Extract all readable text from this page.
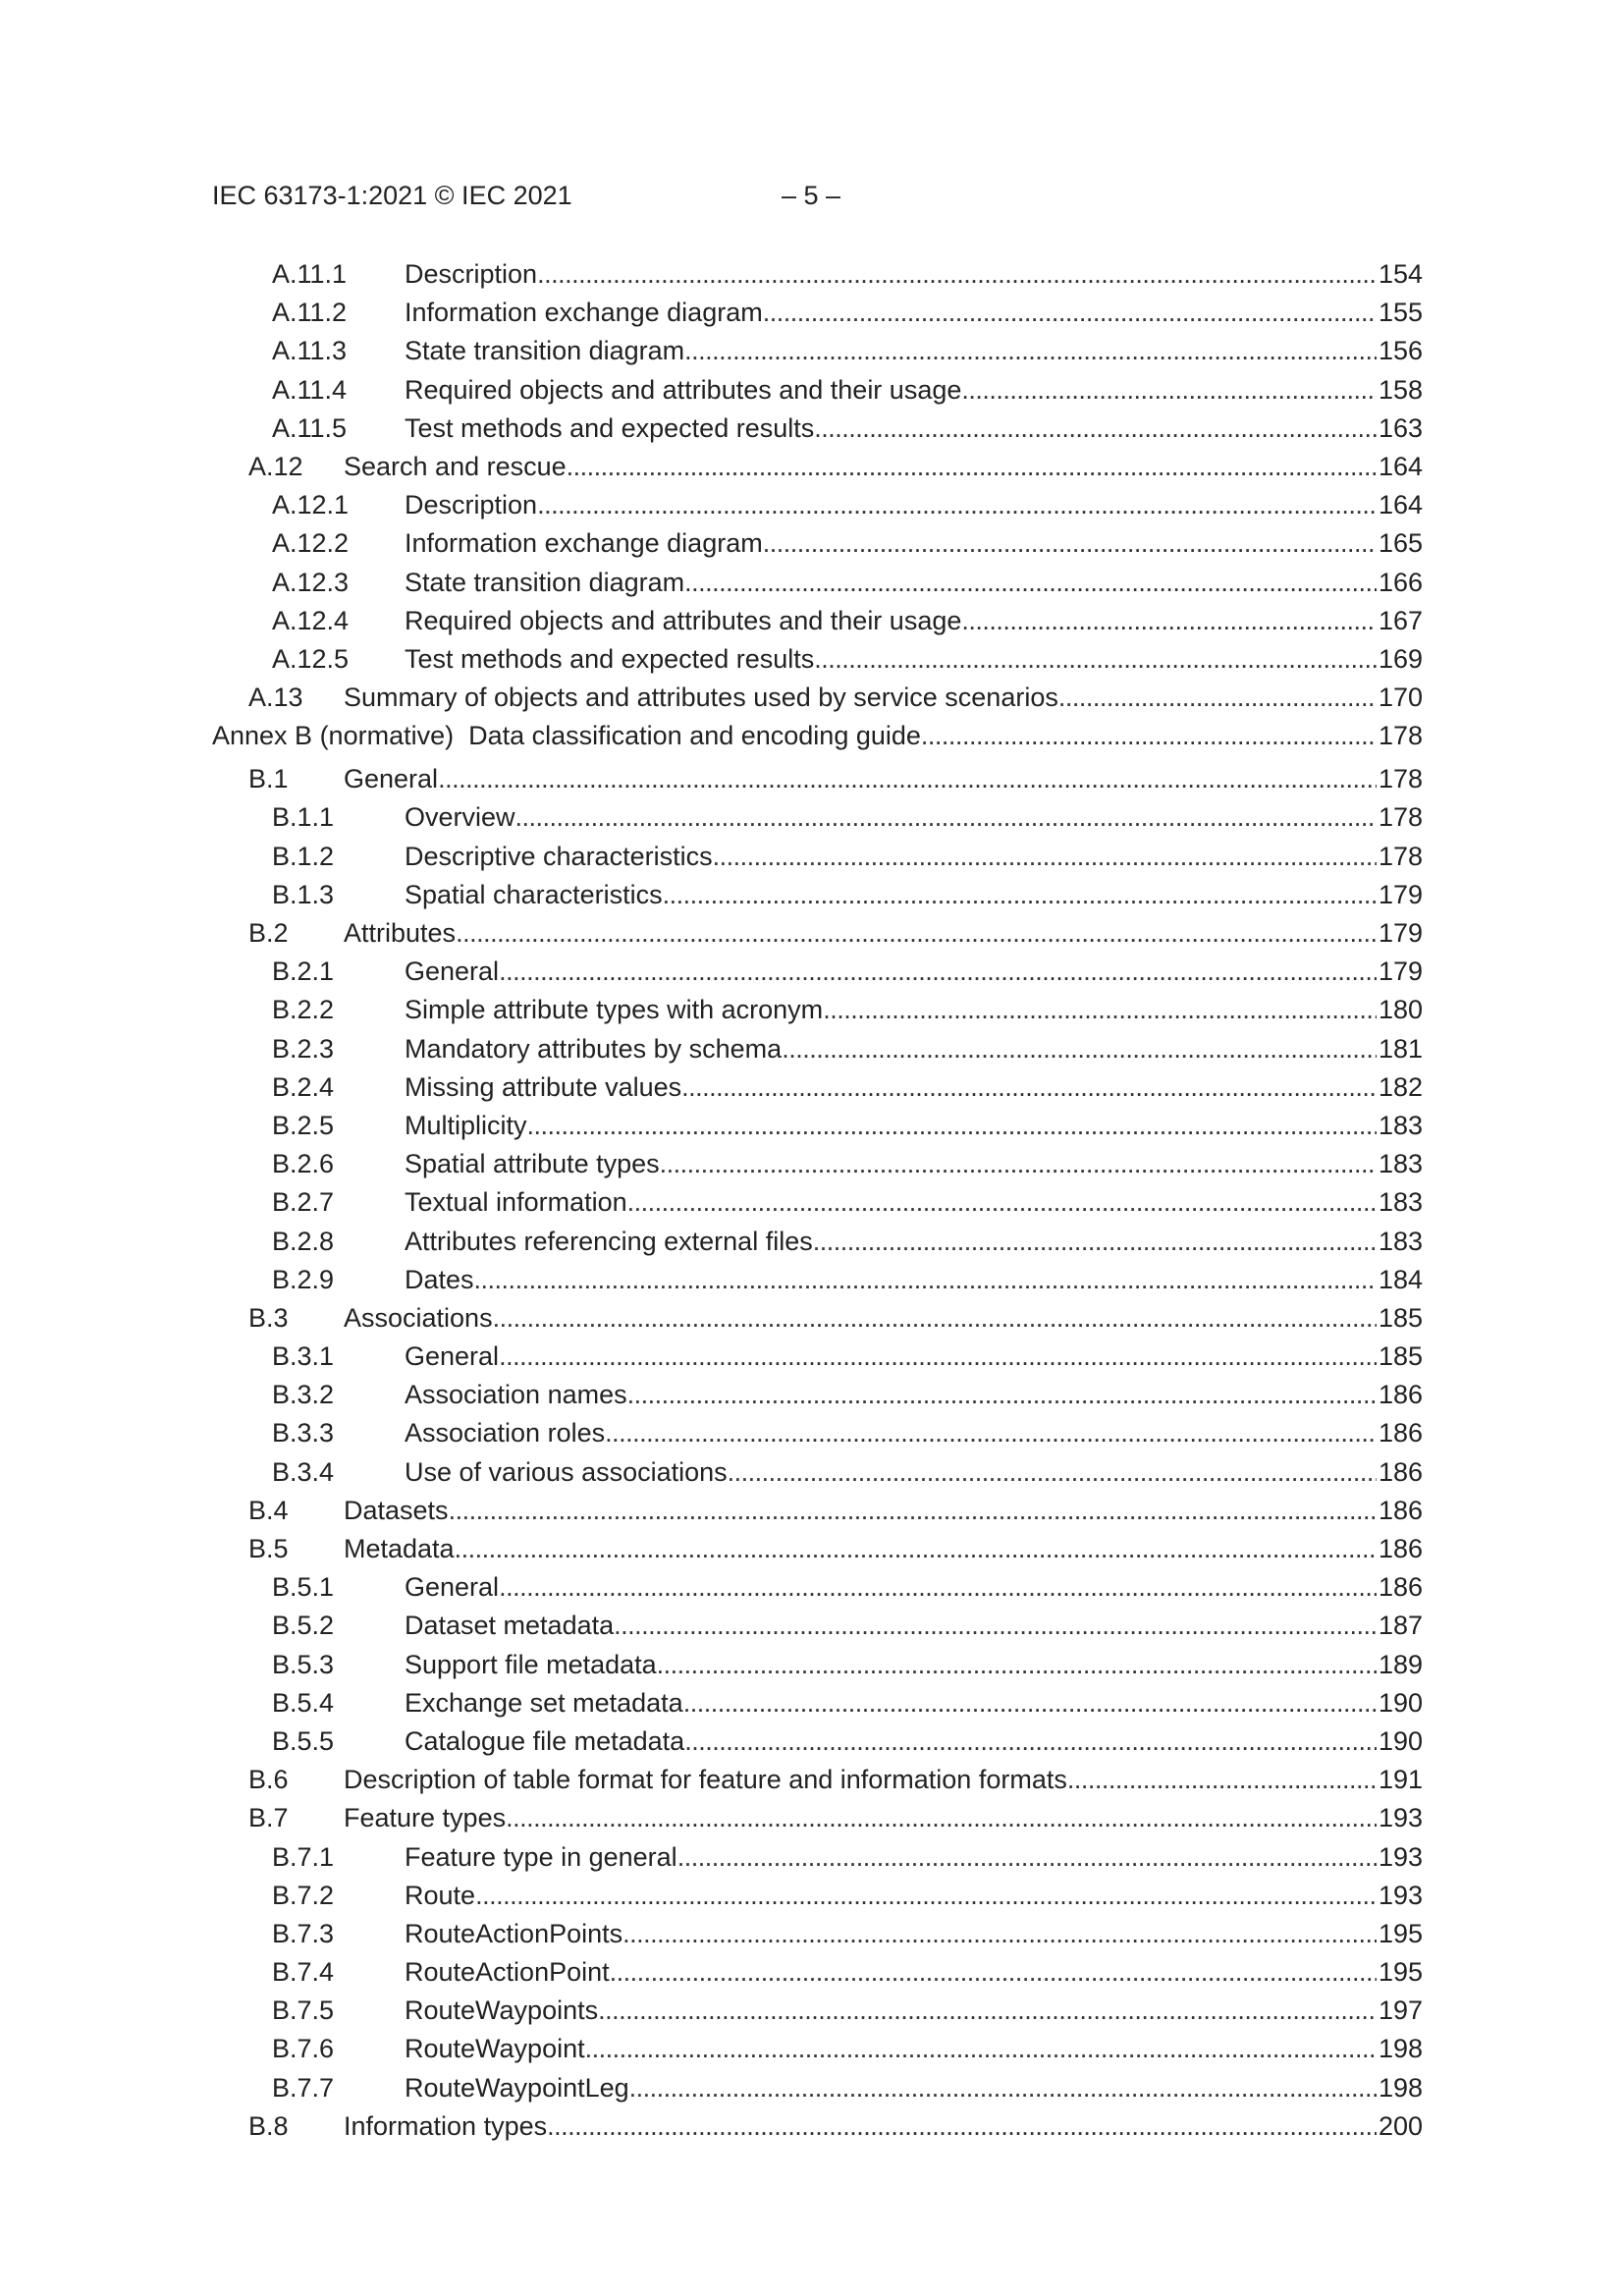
IEC 63173-1:2021 © IEC 2021	– 5 –
A.11.1 Description . . .	154
A.11.2 Information exchange diagram . . .	155
A.11.3 State transition diagram . . .	156
A.11.4 Required objects and attributes and their usage . . .	158
A.11.5 Test methods and expected results . . .	163
A.12 Search and rescue . . .	164
A.12.1 Description . . .	164
A.12.2 Information exchange diagram . . .	165
A.12.3 State transition diagram . . .	166
A.12.4 Required objects and attributes and their usage . . .	167
A.12.5 Test methods and expected results . . .	169
A.13 Summary of objects and attributes used by service scenarios . . .	170
Annex B (normative)  Data classification and encoding guide . . .	178
B.1 General . . .	178
B.1.1	Overview . . .	178
B.1.2	Descriptive characteristics . . .	178
B.1.3	Spatial characteristics . . .	179
B.2 Attributes . . .	179
B.2.1	General . . .	179
B.2.2	Simple attribute types with acronym . . .	180
B.2.3	Mandatory attributes by schema . . .	181
B.2.4	Missing attribute values . . .	182
B.2.5	Multiplicity . . .	183
B.2.6	Spatial attribute types . . .	183
B.2.7	Textual information . . .	183
B.2.8	Attributes referencing external files . . .	183
B.2.9	Dates . . .	184
B.3 Associations . . .	185
B.3.1	General . . .	185
B.3.2	Association names . . .	186
B.3.3	Association roles . . .	186
B.3.4	Use of various associations . . .	186
B.4 Datasets . . .	186
B.5 Metadata . . .	186
B.5.1	General . . .	186
B.5.2	Dataset metadata . . .	187
B.5.3	Support file metadata . . .	189
B.5.4	Exchange set metadata . . .	190
B.5.5	Catalogue file metadata . . .	190
B.6 Description of table format for feature and information formats . . .	191
B.7 Feature types . . .	193
B.7.1	Feature type in general . . .	193
B.7.2	Route . . .	193
B.7.3	RouteActionPoints . . .	195
B.7.4	RouteActionPoint . . .	195
B.7.5	RouteWaypoints . . .	197
B.7.6	RouteWaypoint . . .	198
B.7.7	RouteWaypointLeg . . .	198
B.8 Information types . . .	200
